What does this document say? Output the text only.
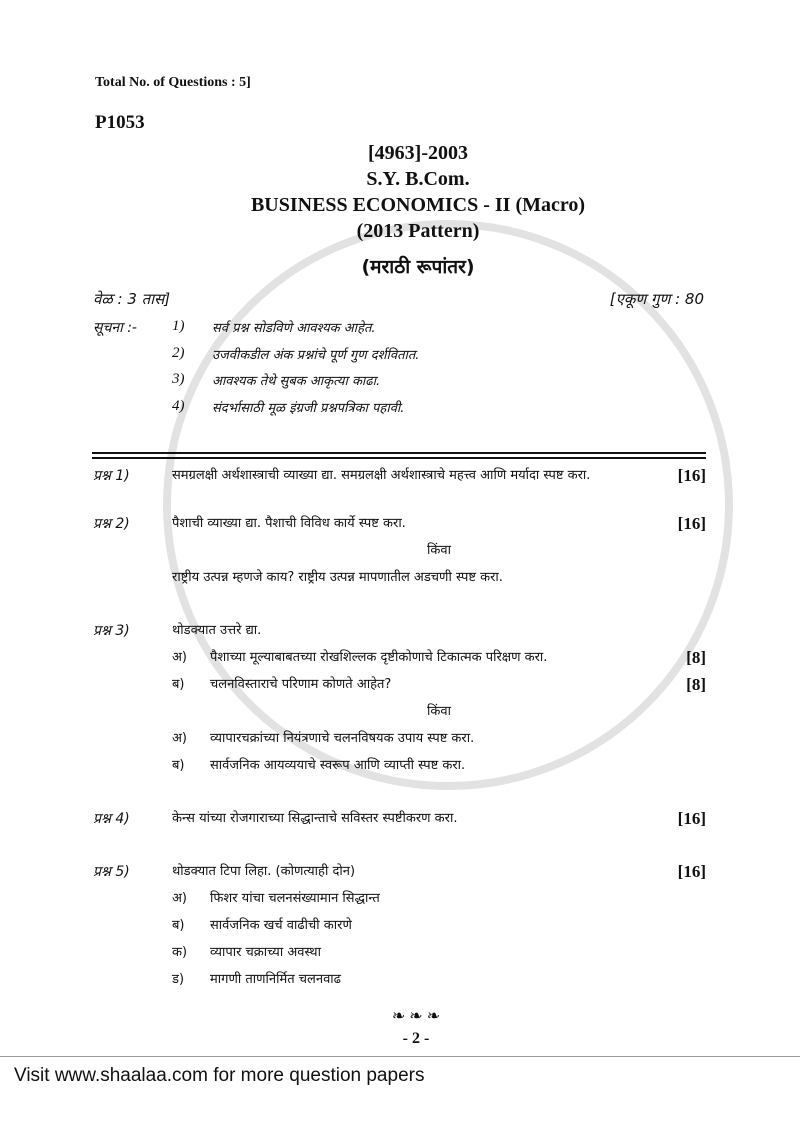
Total No. of Questions : 5]
P1053
[4963]-2003
S.Y. B.Com.
BUSINESS ECONOMICS - II (Macro)
(2013 Pattern)
(मराठी रूपांतर)
वेळ : 3 तास]	[एकूण गुण : 80
सूचना :- 1) सर्व प्रश्न सोडविणे आवश्यक आहेत.
2) उजवीकडील अंक प्रश्नांचे पूर्ण गुण दर्शवितात.
3) आवश्यक तेथे सुबक आकृत्या काढा.
4) संदर्भासाठी मूळ इंग्रजी प्रश्नपत्रिका पहावी.
प्रश्न 1)	समग्रलक्षी अर्थशास्त्राची व्याख्या द्या. समग्रलक्षी अर्थशास्त्राचे महत्त्व आणि मर्यादा स्पष्ट करा.	[16]
प्रश्न 2)	पैशाची व्याख्या द्या. पैशाची विविध कार्ये स्पष्ट करा.	[16]
किंवा
राष्ट्रीय उत्पन्न म्हणजे काय? राष्ट्रीय उत्पन्न मापणातील अडचणी स्पष्ट करा.
प्रश्न 3)	थोडक्यात उत्तरे द्या.
अ)	पैशाच्या मूल्याबाबतच्या रोखशिल्लक दृष्टीकोणाचे टिकात्मक परिक्षण करा.	[8]
ब)	चलनविस्ताराचे परिणाम कोणते आहेत?	[8]
किंवा
अ)	व्यापारचक्रांच्या नियंत्रणाचे चलनविषयक उपाय स्पष्ट करा.
ब)	सार्वजनिक आयव्ययाचे स्वरूप आणि व्याप्ती स्पष्ट करा.
प्रश्न 4)	केन्स यांच्या रोजगाराच्या सिद्धान्ताचे सविस्तर स्पष्टीकरण करा.	[16]
प्रश्न 5)	थोडक्यात टिपा लिहा. (कोणत्याही दोन)	[16]
अ)	फिशर यांचा चलनसंख्यामान सिद्धान्त
ब)	सार्वजनिक खर्च वाढीची कारणे
क)	व्यापार चक्राच्या अवस्था
ड)	मागणी ताणनिर्मित चलनवाढ
❧ ❧ ❧
- 2 -
Visit www.shaalaa.com for more question papers
